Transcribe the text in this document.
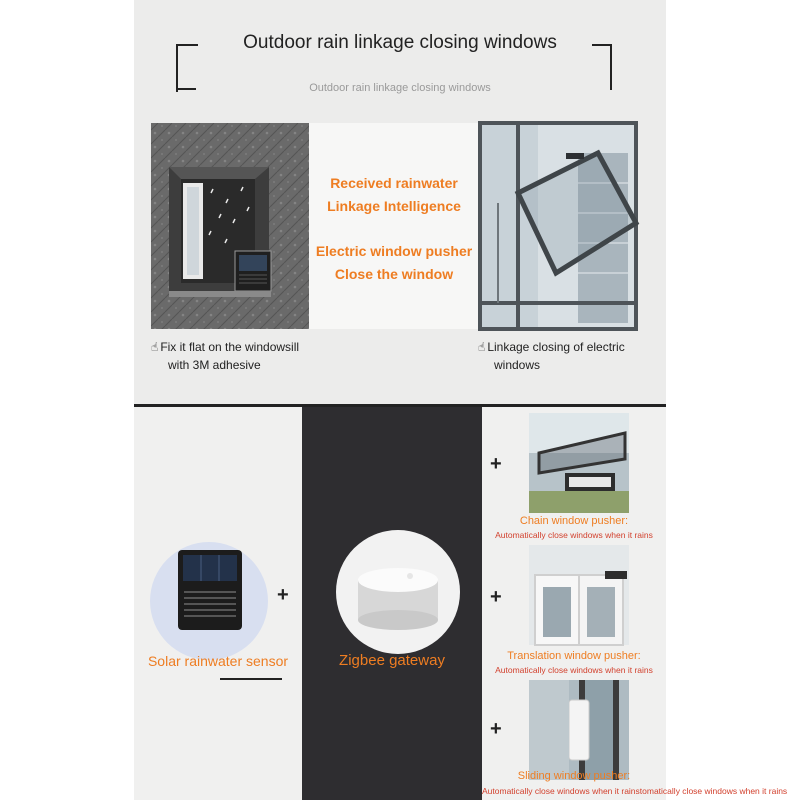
Outdoor rain linkage closing windows
Outdoor rain linkage closing windows
Received rainwater
Linkage Intelligence
Electric window pusher
Close the window
☝ Fix it flat on the windowsill
with 3M adhesive
☝ Linkage closing of electric
windows
+
Solar rainwater sensor	Zigbee gateway
+
Chain window pusher:
Automatically close windows when it rains
+
Translation window pusher:
Automatically close windows when it rains
+
Sliding window pusher:
Automatically close windows when it rainstomatically close windows when it rains
